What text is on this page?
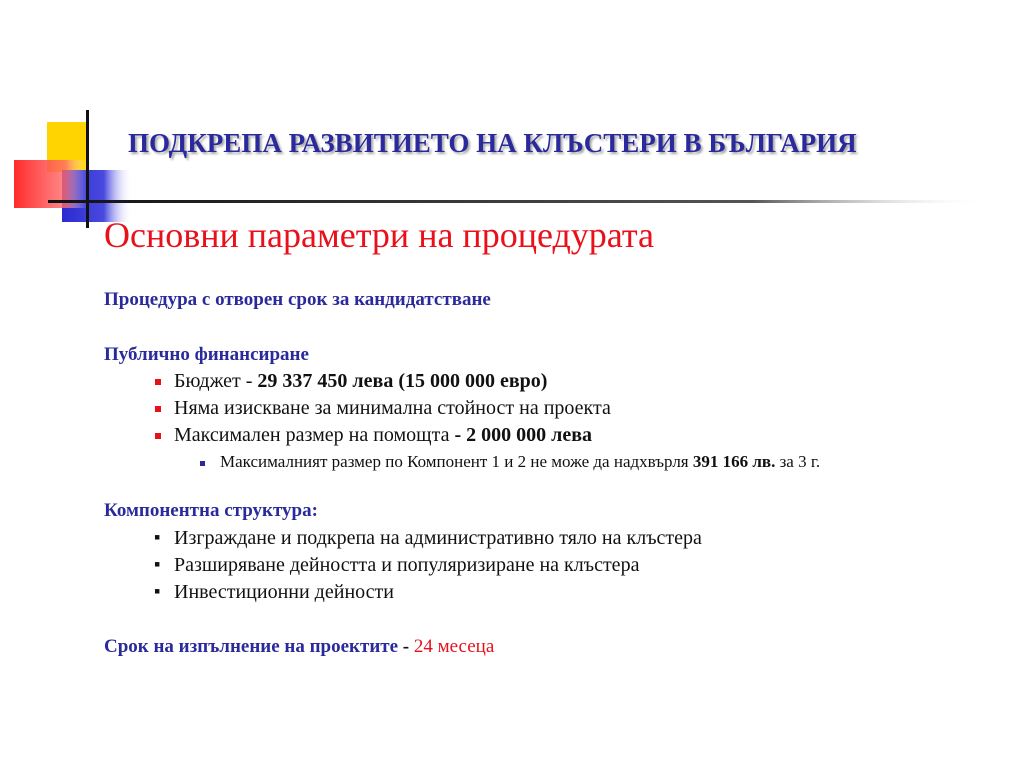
ПОДКРЕПА РАЗВИТИЕТО НА КЛЪСТЕРИ В БЪЛГАРИЯ
Основни параметри на процедурата
Процедура с отворен срок за кандидатстване
Публично финансиране
Бюджет - 29 337 450 лева (15 000 000 евро)
Няма изискване за минимална стойност на проекта
Максимален размер на помощта - 2 000 000 лева
Максималният размер по Компонент 1 и 2 не може да надхвърля 391 166 лв. за 3 г.
Компонентна структура:
▪ Изграждане и подкрепа на административно тяло на клъстера
▪ Разширяване дейността и популяризиране на клъстера
▪ Инвестиционни дейности
Срок на изпълнение на проектите - 24 месеца
